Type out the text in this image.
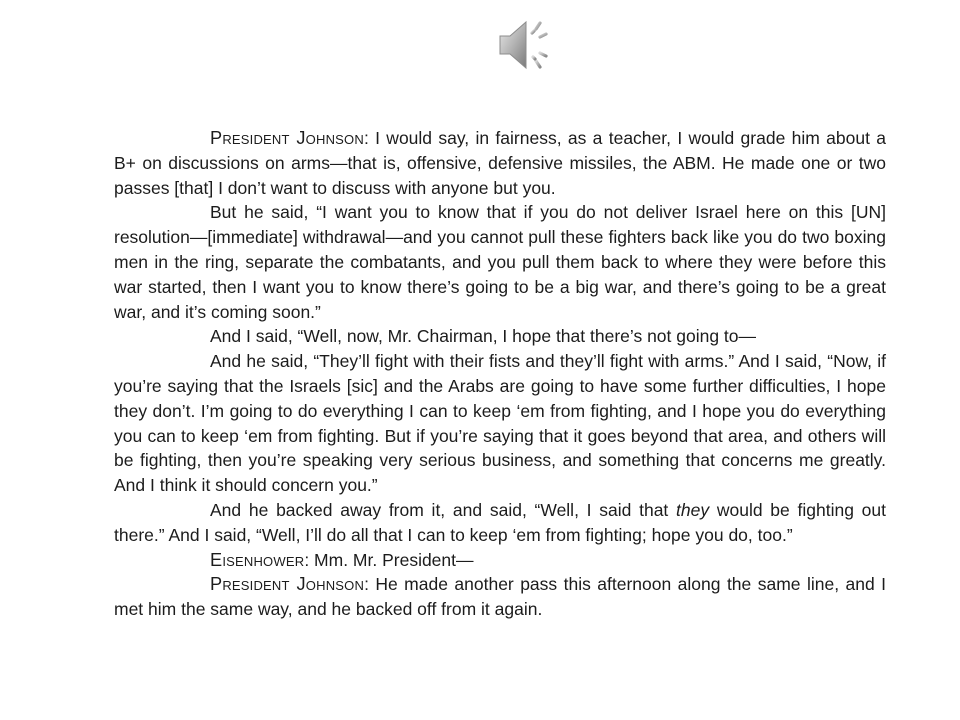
President Johnson: I would say, in fairness, as a teacher, I would grade him about a B+ on discussions on arms—that is, offensive, defensive missiles, the ABM. He made one or two passes [that] I don’t want to discuss with anyone but you.

But he said, “I want you to know that if you do not deliver Israel here on this [UN] resolution—[immediate] withdrawal—and you cannot pull these fighters back like you do two boxing men in the ring, separate the combatants, and you pull them back to where they were before this war started, then I want you to know there’s going to be a big war, and there’s going to be a great war, and it’s coming soon.”

And I said, “Well, now, Mr. Chairman, I hope that there’s not going to—

And he said, “They’ll fight with their fists and they’ll fight with arms.” And I said, “Now, if you’re saying that the Israels [sic] and the Arabs are going to have some further difficulties, I hope they don’t. I’m going to do everything I can to keep ‘em from fighting, and I hope you do everything you can to keep ‘em from fighting. But if you’re saying that it goes beyond that area, and others will be fighting, then you’re speaking very serious business, and something that concerns me greatly. And I think it should concern you.”

And he backed away from it, and said, “Well, I said that they would be fighting out there.” And I said, “Well, I’ll do all that I can to keep ‘em from fighting; hope you do, too.”

Eisenhower: Mm. Mr. President—

President Johnson: He made another pass this afternoon along the same line, and I met him the same way, and he backed off from it again.
